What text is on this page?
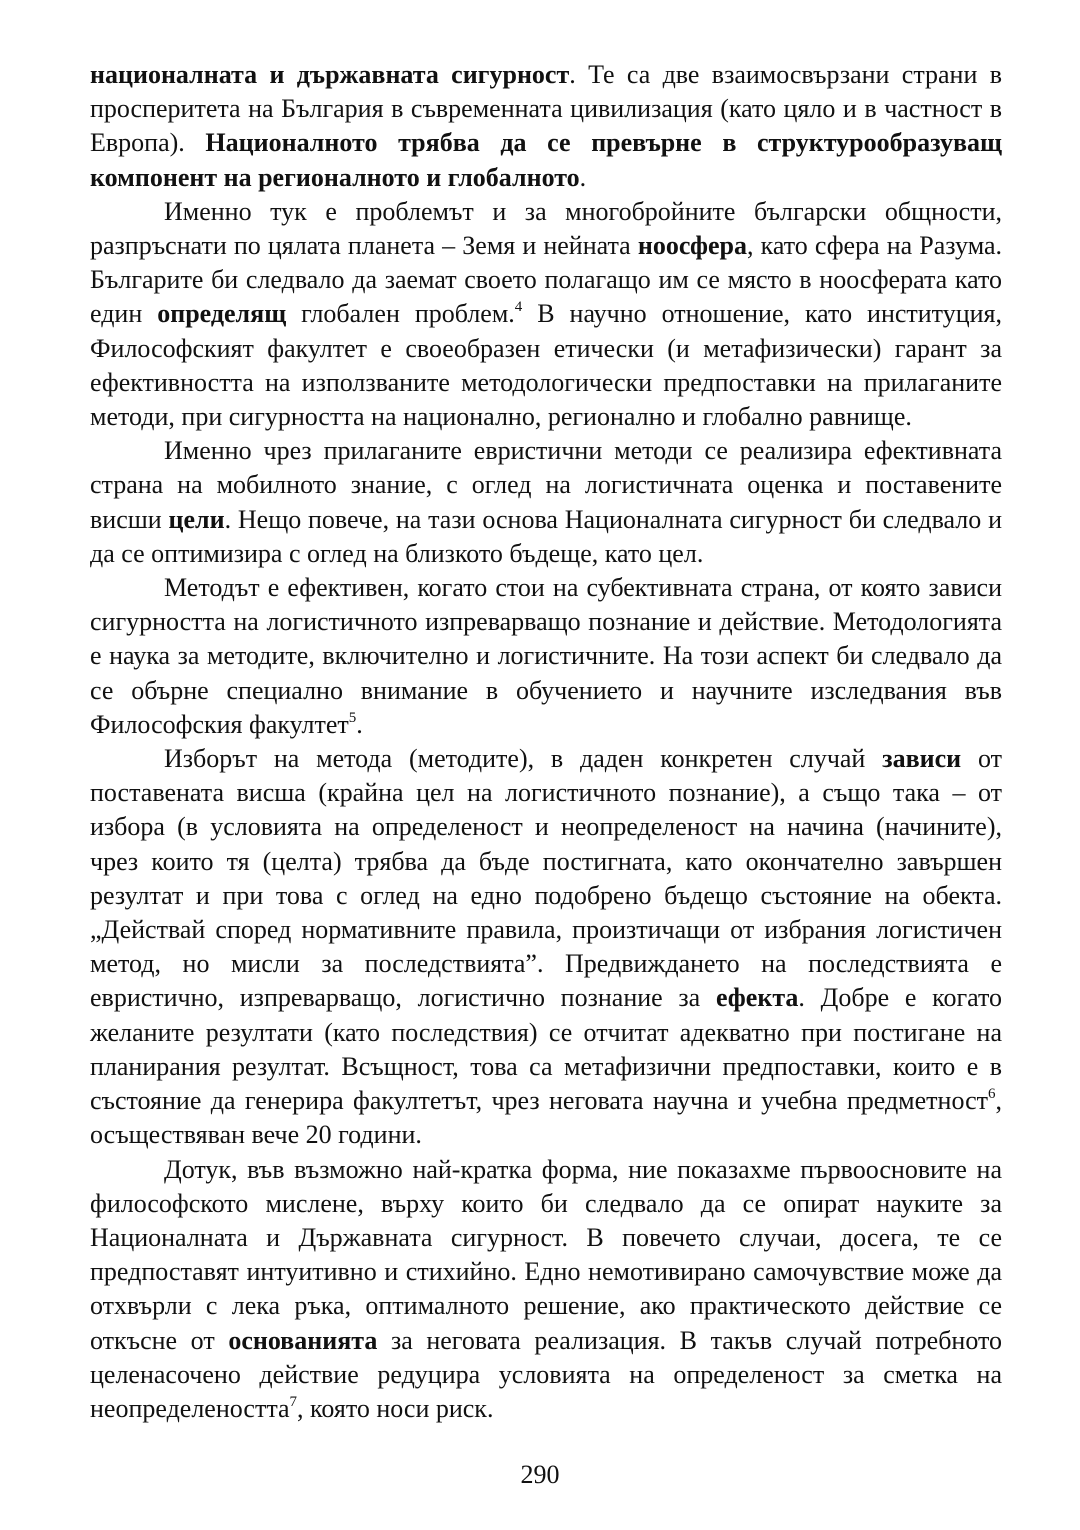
националната и държавната сигурност. Те са две взаимосвързани страни в просперитета на България в съвременната цивилизация (като цяло и в частност в Европа). Националното трябва да се превърне в структурообразуващ компонент на регионалното и глобалното.

Именно тук е проблемът и за многобройните български общности, разпръснати по цялата планета – Земя и нейната ноосфера, като сфера на Разума. Българите би следвало да заемат своето полагащо им се място в ноосферата като един определящ глобален проблем.$^4$ В научно отношение, като институция, Философският факултет е своеобразен етически (и метафизически) гарант за ефективността на използваните методологически предпоставки на прилаганите методи, при сигурността на национално, регионално и глобално равнище.

Именно чрез прилаганите евристични методи се реализира ефективната страна на мобилното знание, с оглед на логистичната оценка и поставените висши цели. Нещо повече, на тази основа Националната сигурност би следвало и да се оптимизира с оглед на близкото бъдеще, като цел.

Методът е ефективен, когато стои на субективната страна, от която зависи сигурността на логистичното изпреварващо познание и действие. Методологията е наука за методите, включително и логистичните. На този аспект би следвало да се обърне специално внимание в обучението и научните изследвания във Философския факултет$^5$.

Изборът на метода (методите), в даден конкретен случай зависи от поставената висша (крайна цел на логистичното познание), а също така – от избора (в условията на определеност и неопределеност на начина (начините), чрез които тя (целта) трябва да бъде постигната, като окончателно завършен резултат и при това с оглед на едно подобрено бъдещо състояние на обекта. „Действай според нормативните правила, произтичащи от избрания логистичен метод, но мисли за последствията”. Предвиждането на последствията е евристично, изпреварващо, логистично познание за ефекта. Добре е когато желаните резултати (като последствия) се отчитат адекватно при постигане на планирания резултат. Всъщност, това са метафизични предпоставки, които е в състояние да генерира факултетът, чрез неговата научна и учебна предметност$^6$, осъществяван вече 20 години.

Дотук, във възможно най-кратка форма, ние показахме първоосновите на философското мислене, върху които би следвало да се опират науките за Националната и Държавната сигурност. В повечето случаи, досега, те се предпоставят интуитивно и стихийно. Едно немотивирано самочувствие може да отхвърли с лека ръка, оптималното решение, ако практическото действие се откъсне от основанията за неговата реализация. В такъв случай потребното целенасочено действие редуцира условията на определеност за сметка на неопределеността$^7$, която носи риск.

290
